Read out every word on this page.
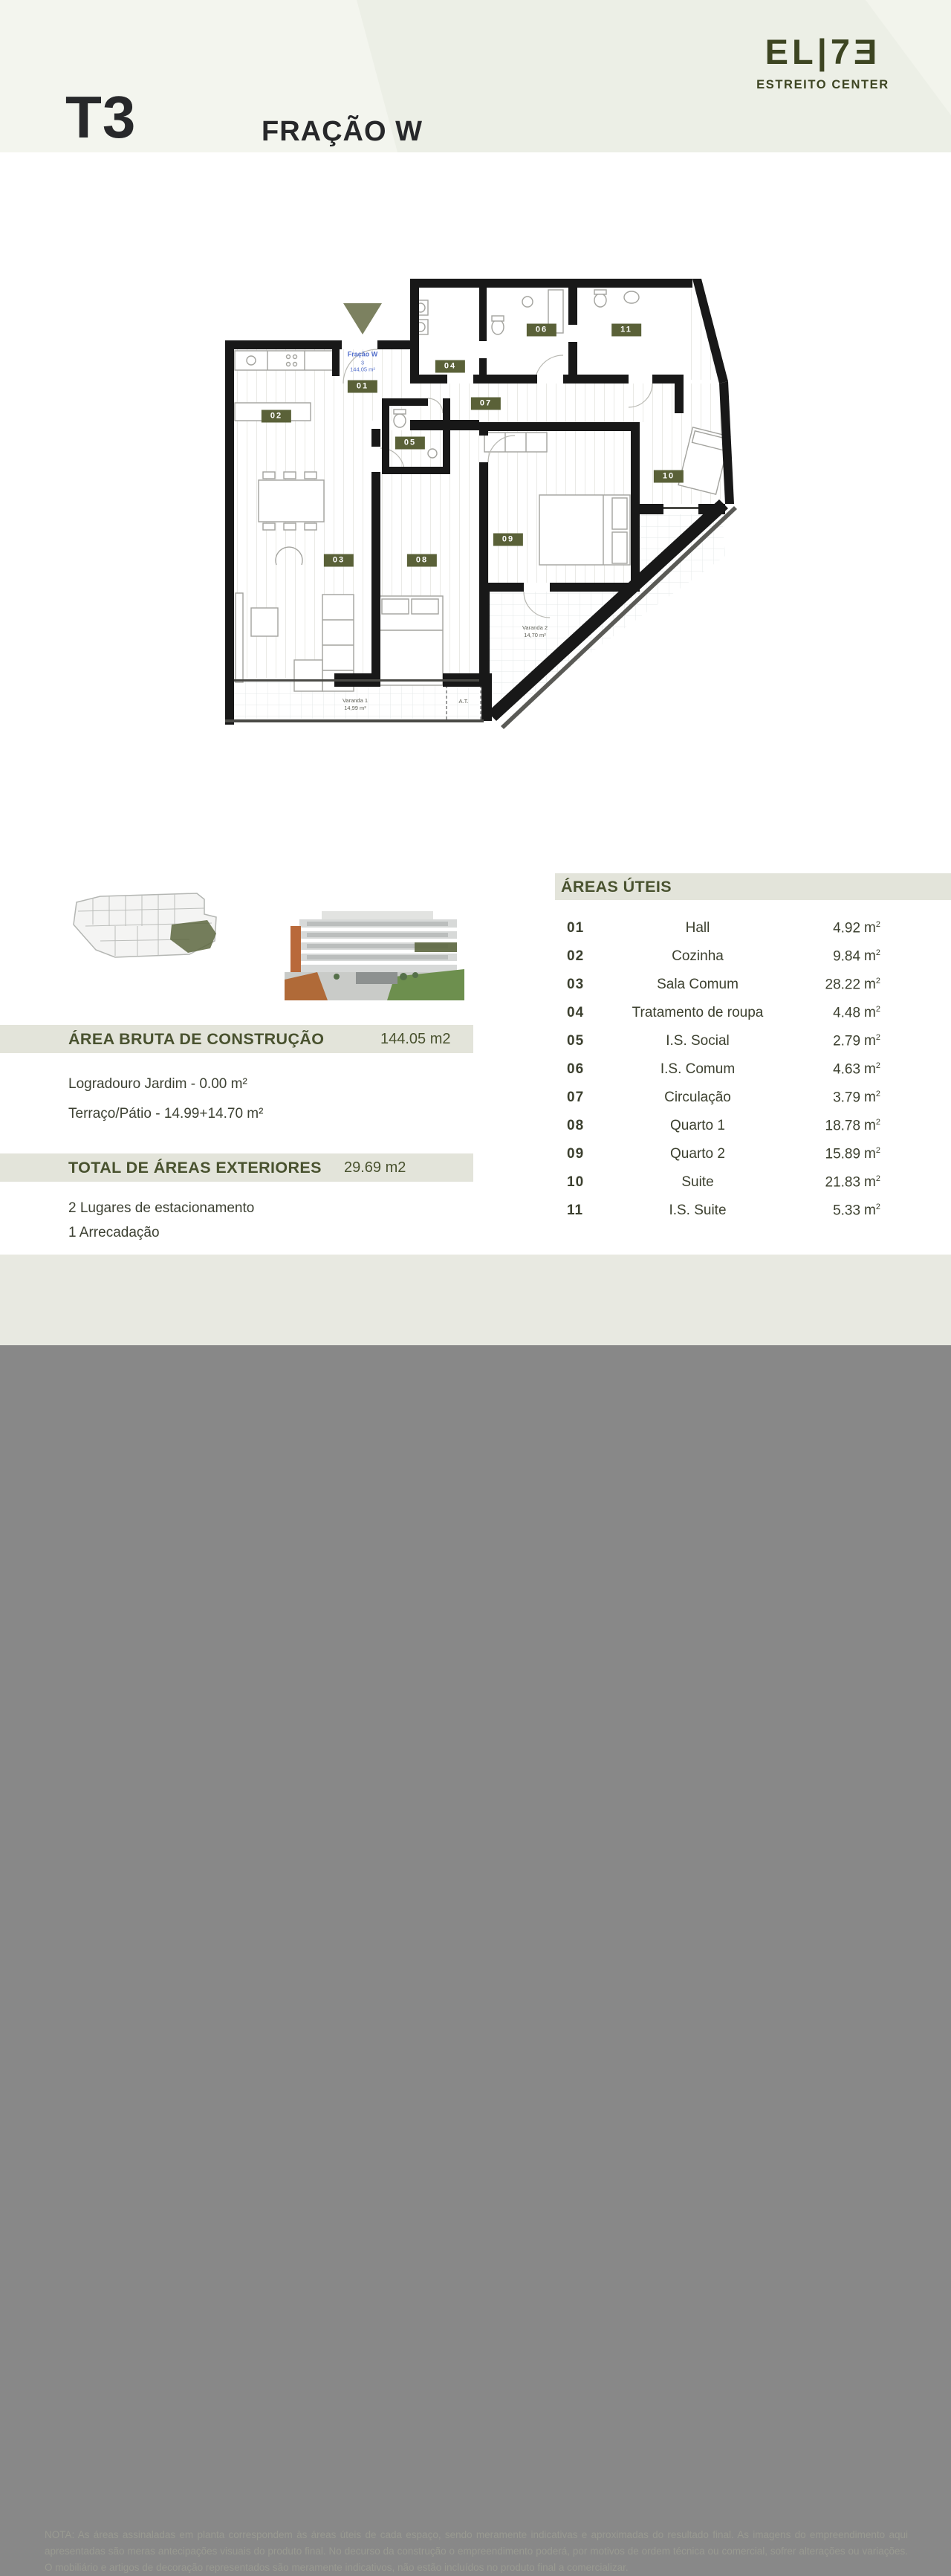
T3	FRAÇÃO W
EL|7Ǝ
ESTREITO CENTER
Fração W
3
144,05 m²
01
02
03
04
05
06
07
08
09
10
11
Varanda 1
14,99 m²
Varanda 2
14,70 m²
A.T.
ÁREA BRUTA DE CONSTRUÇÃO	144.05 m2
Logradouro Jardim - 0.00 m²
Terraço/Pátio - 14.99+14.70 m²
TOTAL DE ÁREAS EXTERIORES 29.69 m2
2 Lugares de estacionamento
1 Arrecadação
ÁREAS ÚTEIS
01	Hall	4.92 $m^2$
02	Cozinha	9.84 $m^2$
03	Sala Comum	28.22 $m^2$
04	Tratamento de roupa	4.48 $m^2$
05	I.S. Social	2.79 $m^2$
06	I.S. Comum	4.63 $m^2$
07	Circulação	3.79 $m^2$
08	Quarto 1	18.78 $m^2$
09	Quarto 2	15.89 $m^2$
10	Suite	21.83 $m^2$
11	I.S. Suite	5.33 $m^2$
NOTA: As áreas assinaladas em planta correspondem às áreas úteis de cada espaço, sendo meramente indicativas e aproximadas do resultado final. As imagens do empreendimento aqui apresentadas são meras antecipações visuais do produto final. No decurso da construção o empreendimento poderá, por motivos de ordem técnica ou comercial, sofrer alterações ou variações. O mobiliário e artigos de decoração representados são meramente indicativos, não estão incluídos no produto final a comercializar.
